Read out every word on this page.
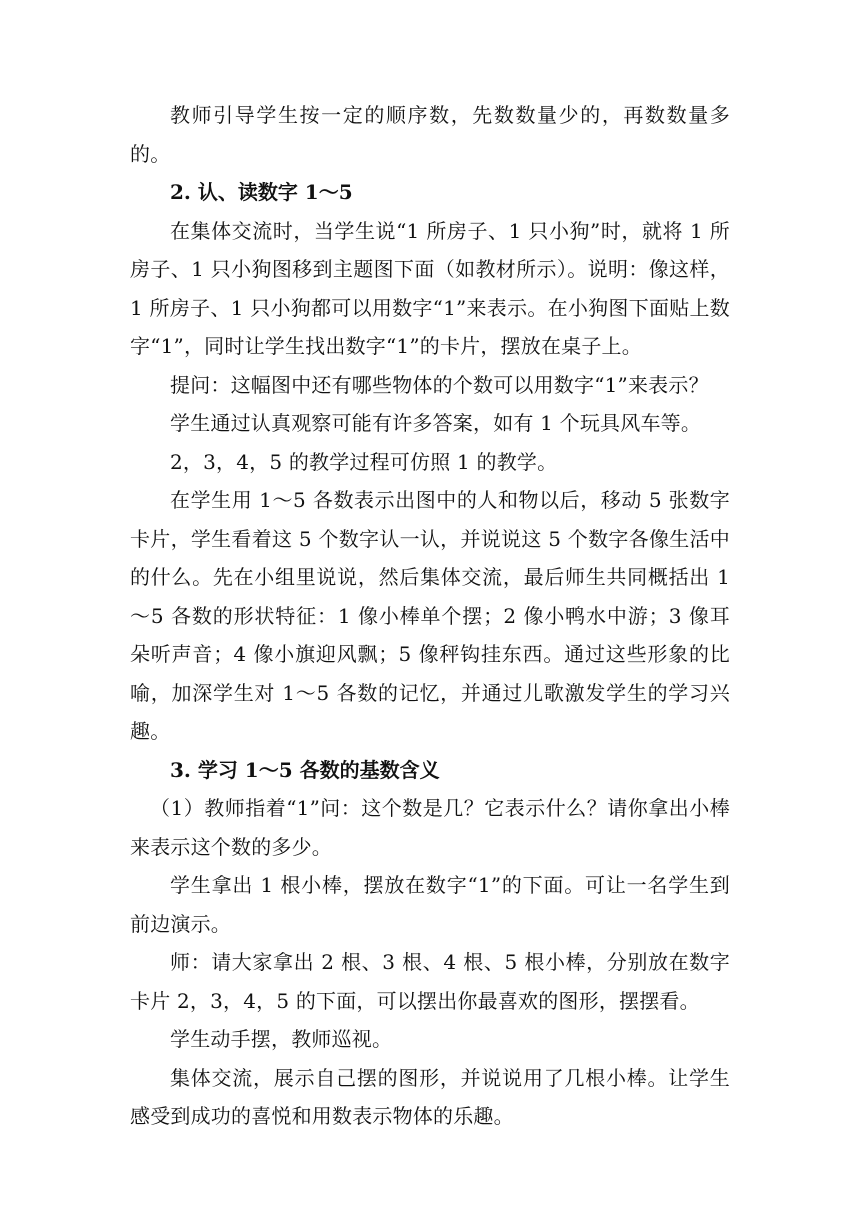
教师引导学生按一定的顺序数，先数数量少的，再数数量多的。

2. 认、读数字 1～5

在集体交流时，当学生说“1 所房子、1 只小狗”时，就将 1 所房子、1 只小狗图移到主题图下面（如教材所示）。说明：像这样，1 所房子、1 只小狗都可以用数字“1”来表示。在小狗图下面贴上数字“1”，同时让学生找出数字“1”的卡片，摆放在桌子上。

提问：这幅图中还有哪些物体的个数可以用数字“1”来表示？

学生通过认真观察可能有许多答案，如有 1 个玩具风车等。

2，3，4，5 的教学过程可仿照 1 的教学。

在学生用 1～5 各数表示出图中的人和物以后，移动 5 张数字卡片，学生看着这 5 个数字认一认，并说说这 5 个数字各像生活中的什么。先在小组里说说，然后集体交流，最后师生共同概括出 1～5 各数的形状特征：1 像小棒单个摆；2 像小鸭水中游；3 像耳朵听声音；4 像小旗迎风飘；5 像秤钩挂东西。通过这些形象的比喻，加深学生对 1～5 各数的记忆，并通过儿歌激发学生的学习兴趣。

3. 学习 1～5 各数的基数含义

（1）教师指着“1”问：这个数是几？它表示什么？请你拿出小棒来表示这个数的多少。

学生拿出 1 根小棒，摆放在数字“1”的下面。可让一名学生到前边演示。

师：请大家拿出 2 根、3 根、4 根、5 根小棒，分别放在数字卡片 2，3，4，5 的下面，可以摆出你最喜欢的图形，摆摆看。

学生动手摆，教师巡视。

集体交流，展示自己摆的图形，并说说用了几根小棒。让学生感受到成功的喜悦和用数表示物体的乐趣。
